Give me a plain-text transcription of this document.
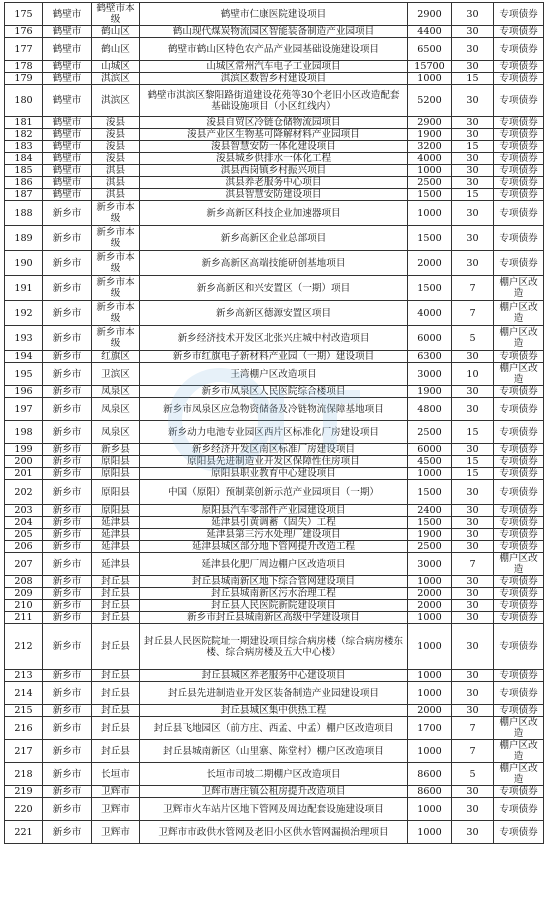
175	鹤壁市	鹤壁市本级	鹤壁市仁康医院建设项目	2900	30	专项债券
176	鹤壁市	鹤山区	鹤山现代煤炭物流园区智能装备制造产业园项目	4400	30	专项债券
177	鹤壁市	鹤山区	鹤壁市鹤山区特色农产品产业园基础设施建设项目	6500	30	专项债券
178	鹤壁市	山城区	山城区常州汽车电子工业园项目	15700	30	专项债券
179	鹤壁市	淇滨区	淇滨区数智乡村建设项目	1000	15	专项债券
180	鹤壁市	淇滨区	鹤壁市淇滨区黎阳路街道建设花苑等30个老旧小区改造配套基础设施项目（小区红线内）	5200	30	专项债券
181	鹤壁市	浚县	浚县自贸区冷链仓储物流园项目	2900	30	专项债券
182	鹤壁市	浚县	浚县产业区生物基可降解材料产业园项目	1900	30	专项债券
183	鹤壁市	浚县	浚县智慧安防一体化建设项目	3200	15	专项债券
184	鹤壁市	浚县	浚县城乡供排水一体化工程	4000	30	专项债券
185	鹤壁市	淇县	淇县西岗镇乡村振兴项目	1000	30	专项债券
186	鹤壁市	淇县	淇县养老服务中心项目	2500	30	专项债券
187	鹤壁市	淇县	淇县智慧安防建设项目	1500	15	专项债券
188	新乡市	新乡市本级	新乡高新区科技企业加速器项目	1000	30	专项债券
189	新乡市	新乡市本级	新乡高新区企业总部项目	1500	30	专项债券
190	新乡市	新乡市本级	新乡高新区高端技能研创基地项目	2000	30	专项债券
191	新乡市	新乡市本级	新乡高新区和兴安置区（一期）项目	1500	7	棚户区改造
192	新乡市	新乡市本级	新乡高新区德源安置区项目	4000	7	棚户区改造
193	新乡市	新乡市本级	新乡经济技术开发区北张兴庄城中村改造项目	6000	5	棚户区改造
194	新乡市	红旗区	新乡市红旗电子新材料产业园（一期）建设项目	6300	30	专项债券
195	新乡市	卫滨区	王湾棚户区改造项目	3000	10	棚户区改造
196	新乡市	凤泉区	新乡市凤泉区人民医院综合楼项目	1900	30	专项债券
197	新乡市	凤泉区	新乡市凤泉区应急物资储备及冷链物流保障基地项目	4800	30	专项债券
198	新乡市	凤泉区	新乡动力电池专业园区西片区标准化厂房建设项目	2500	15	专项债券
199	新乡市	新乡县	新乡经济开发区南区标准厂房建设项目	6000	30	专项债券
200	新乡市	原阳县	原阳县先进制造业开发区保障性住房项目	4500	15	专项债券
201	新乡市	原阳县	原阳县职业教育中心建设项目	1000	15	专项债券
202	新乡市	原阳县	中国（原阳）预制菜创新示范产业园项目（一期）	1500	30	专项债券
203	新乡市	原阳县	原阳县汽车零部件产业园建设项目	2400	30	专项债券
204	新乡市	延津县	延津县引黄调蓄（固失）工程	1500	30	专项债券
205	新乡市	延津县	延津县第三污水处理厂建设项目	1900	30	专项债券
206	新乡市	延津县	延津县城区部分地下管网提升改造工程	2500	30	专项债券
207	新乡市	延津县	延津县化肥厂周边棚户区改造项目	3000	7	棚户区改造
208	新乡市	封丘县	封丘县城南新区地下综合管网建设项目	1000	30	专项债券
209	新乡市	封丘县	封丘县城南新区污水治理工程	2000	30	专项债券
210	新乡市	封丘县	封丘县人民医院新院建设项目	2000	30	专项债券
211	新乡市	封丘县	新乡市封丘县城南新区高级中学建设项目	1000	30	专项债券
212	新乡市	封丘县	封丘县人民医院院址一期建设项目综合病房楼（综合病房楼东楼、综合病房楼及五大中心楼）	1000	30	专项债券
213	新乡市	封丘县	封丘县城区养老服务中心建设项目	1000	30	专项债券
214	新乡市	封丘县	封丘县先进制造业开发区装备制造产业园建设项目	1000	30	专项债券
215	新乡市	封丘县	封丘县城区集中供热工程	2000	30	专项债券
216	新乡市	封丘县	封丘县飞地园区（前方庄、西孟、中孟）棚户区改造项目	1700	7	棚户区改造
217	新乡市	封丘县	封丘县城南新区（山里寨、陈堂村）棚户区改造项目	1000	7	棚户区改造
218	新乡市	长垣市	长垣市司坡二期棚户区改造项目	8600	5	棚户区改造
219	新乡市	卫辉市	卫辉市唐庄镇公租房提升改造项目	8600	30	专项债券
220	新乡市	卫辉市	卫辉市火车站片区地下管网及周边配套设施建设项目	1000	30	专项债券
221	新乡市	卫辉市	卫辉市市政供水管网及老旧小区供水管网漏损治理项目	1000	30	专项债券
